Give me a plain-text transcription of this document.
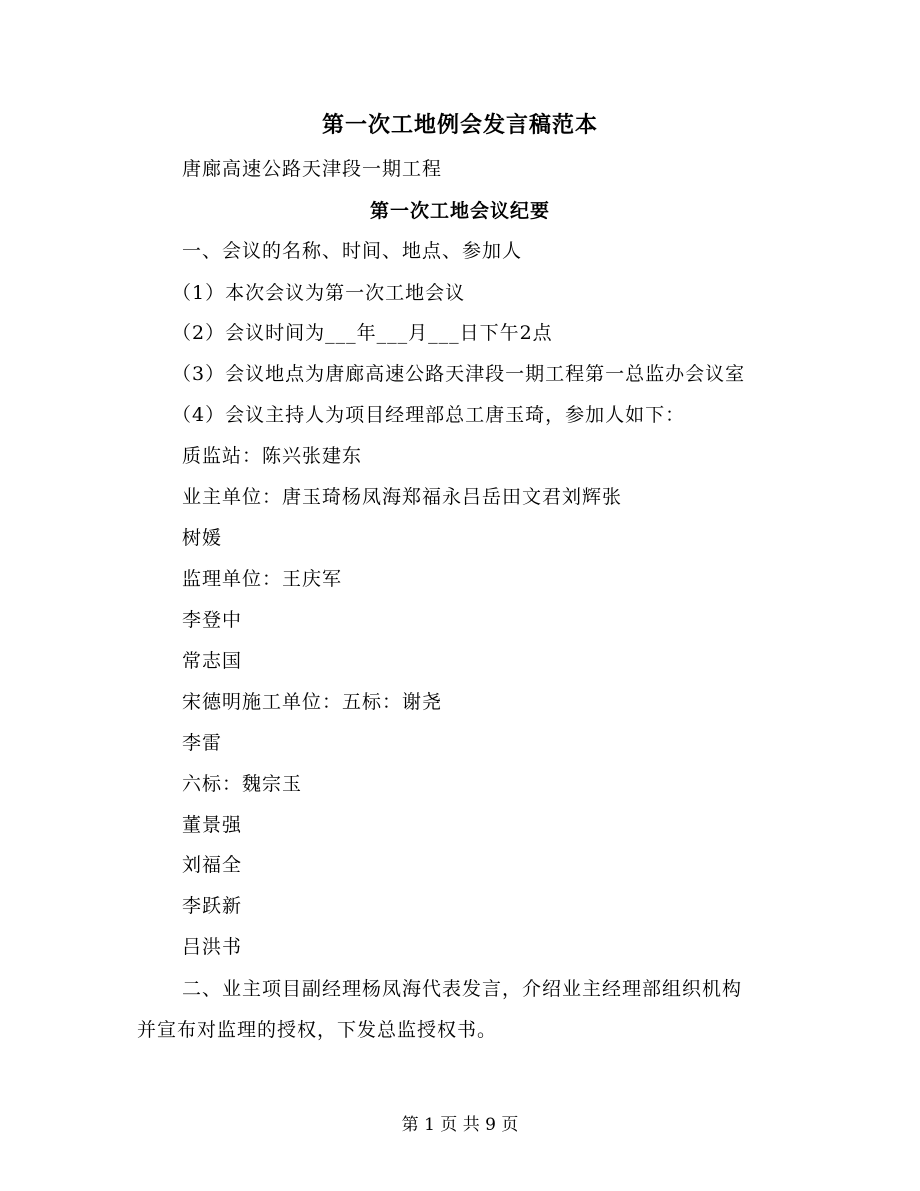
第一次工地例会发言稿范本
唐廊高速公路天津段一期工程
第一次工地会议纪要
一、会议的名称、时间、地点、参加人
（1）本次会议为第一次工地会议
（2）会议时间为___年___月___日下午2点
（3）会议地点为唐廊高速公路天津段一期工程第一总监办会议室
（4）会议主持人为项目经理部总工唐玉琦，参加人如下：
质监站：陈兴张建东
业主单位：唐玉琦杨凤海郑福永吕岳田文君刘辉张
树媛
监理单位：王庆军
李登中
常志国
宋德明施工单位：五标：谢尧
李雷
六标：魏宗玉
董景强
刘福全
李跃新
吕洪书
二、业主项目副经理杨凤海代表发言，介绍业主经理部组织机构
并宣布对监理的授权，下发总监授权书。
第 1 页 共 9 页
